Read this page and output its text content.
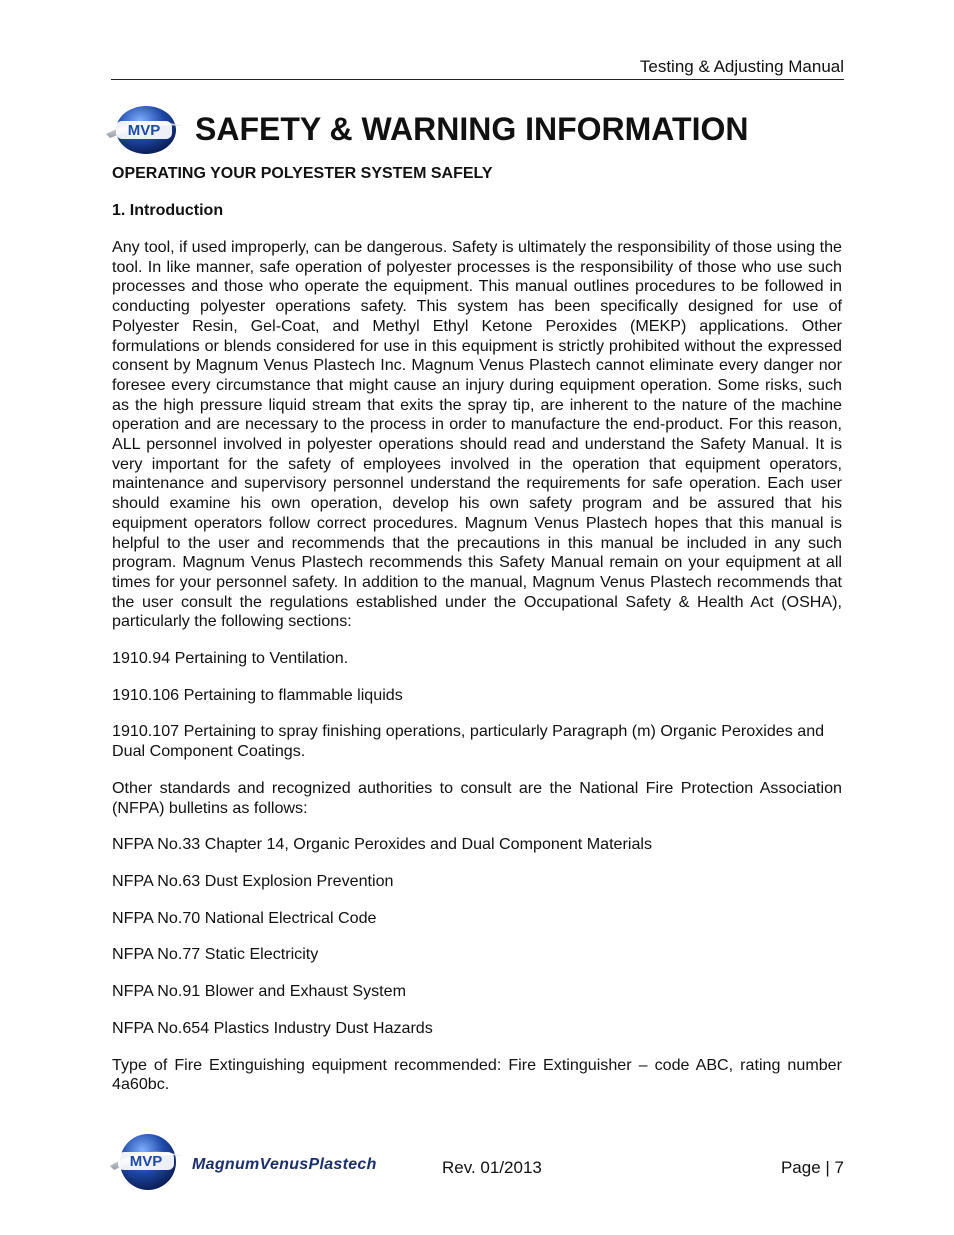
Testing & Adjusting Manual
MVP SAFETY & WARNING INFORMATION
OPERATING YOUR POLYESTER SYSTEM SAFELY
1. Introduction

Any tool, if used improperly, can be dangerous. Safety is ultimately the responsibility of those using the tool. In like manner, safe operation of polyester processes is the responsibility of those who use such processes and those who operate the equipment. This manual outlines procedures to be followed in conducting polyester operations safety. This system has been specifically designed for use of Polyester Resin, Gel-Coat, and Methyl Ethyl Ketone Peroxides (MEKP) applications. Other formulations or blends considered for use in this equipment is strictly prohibited without the expressed consent by Magnum Venus Plastech Inc. Magnum Venus Plastech cannot eliminate every danger nor foresee every circumstance that might cause an injury during equipment operation. Some risks, such as the high pressure liquid stream that exits the spray tip, are inherent to the nature of the machine operation and are necessary to the process in order to manufacture the end-product. For this reason, ALL personnel involved in polyester operations should read and understand the Safety Manual. It is very important for the safety of employees involved in the operation that equipment operators, maintenance and supervisory personnel understand the requirements for safe operation. Each user should examine his own operation, develop his own safety program and be assured that his equipment operators follow correct procedures. Magnum Venus Plastech hopes that this manual is helpful to the user and recommends that the precautions in this manual be included in any such program. Magnum Venus Plastech recommends this Safety Manual remain on your equipment at all times for your personnel safety. In addition to the manual, Magnum Venus Plastech recommends that the user consult the regulations established under the Occupational Safety & Health Act (OSHA), particularly the following sections:

1910.94 Pertaining to Ventilation.

1910.106 Pertaining to flammable liquids

1910.107 Pertaining to spray finishing operations, particularly Paragraph (m) Organic Peroxides and Dual Component Coatings.

Other standards and recognized authorities to consult are the National Fire Protection Association (NFPA) bulletins as follows:

NFPA No.33 Chapter 14, Organic Peroxides and Dual Component Materials

NFPA No.63 Dust Explosion Prevention

NFPA No.70 National Electrical Code

NFPA No.77 Static Electricity

NFPA No.91 Blower and Exhaust System

NFPA No.654 Plastics Industry Dust Hazards

Type of Fire Extinguishing equipment recommended: Fire Extinguisher – code ABC, rating number 4a60bc.

MVP MagnumVenusPlastech	Rev. 01/2013	Page | 7
